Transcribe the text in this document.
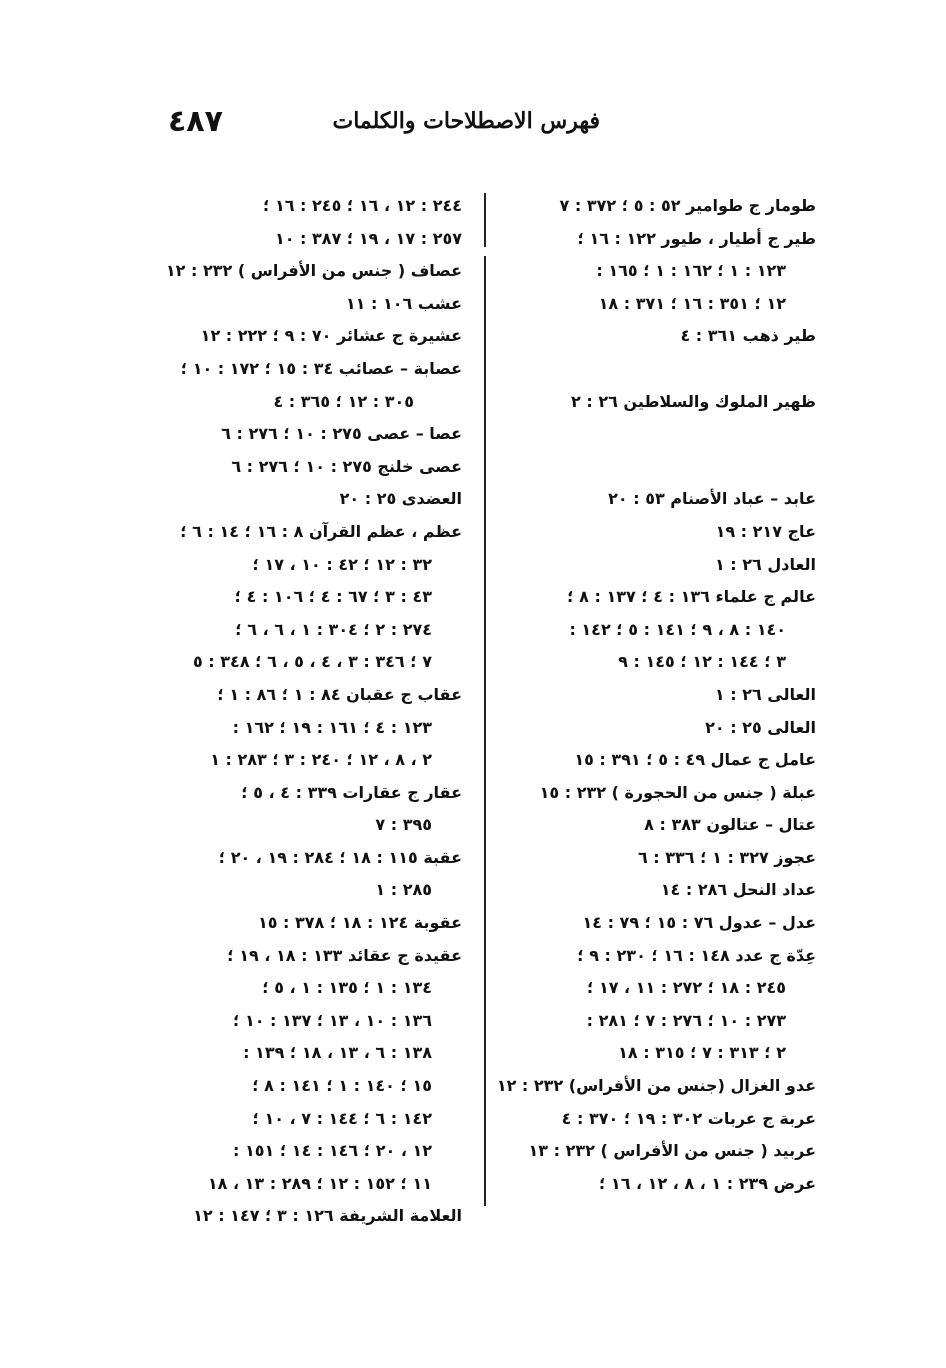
٤٨٧	فهرس الاصطلاحات والكلمات
طومار ج طوامير ٥٢ : ٥ ؛ ٣٧٢ : ٧
طير ج أطيار ، طيور ١٢٢ : ١٦ ؛
١٢٣ : ١ ؛ ١٦٢ : ١ ؛ ١٦٥ :
١٢ ؛ ٣٥١ : ١٦ ؛ ٣٧١ : ١٨
طير ذهب ٣٦١ : ٤
ظهير الملوك والسلاطين ٢٦ : ٢
عابد – عباد الأصنام ٥٣ : ٢٠
عاج ٢١٧ : ١٩
العادل ٢٦ : ١
عالم ج علماء ١٣٦ : ٤ ؛ ١٣٧ : ٨ ؛
١٤٠ : ٨ ، ٩ ؛ ١٤١ : ٥ ؛ ١٤٢ :
٣ ؛ ١٤٤ : ١٢ ؛ ١٤٥ : ٩
العالى ٢٦ : ١
العالى ٢٥ : ٢٠
عامل ج عمال ٤٩ : ٥ ؛ ٣٩١ : ١٥
عبلة ( جنس من الحجورة ) ٢٣٢ : ١٥
عتال – عتالون ٣٨٣ : ٨
عجوز ٣٢٧ : ١ ؛ ٣٣٦ : ٦
عداد النحل ٢٨٦ : ١٤
عدل – عدول ٧٦ : ١٥ ؛ ٧٩ : ١٤
عِدّة ج عدد ١٤٨ : ١٦ ؛ ٢٣٠ : ٩ ؛
٢٤٥ : ١٨ ؛ ٢٧٢ : ١١ ، ١٧ ؛
٢٧٣ : ١٠ ؛ ٢٧٦ : ٧ ؛ ٢٨١ :
٢ ؛ ٣١٣ : ٧ ؛ ٣١٥ : ١٨
عدو الغزال (جنس من الأفراس) ٢٣٢ : ١٢
عربة ج عربات ٣٠٢ : ١٩ ؛ ٣٧٠ : ٤
عربيد ( جنس من الأفراس ) ٢٣٢ : ١٣
عرض ٢٣٩ : ١ ، ٨ ، ١٢ ، ١٦ ؛
٢٤٤ : ١٢ ، ١٦ ؛ ٢٤٥ : ١٦ ؛
٢٥٧ : ١٧ ، ١٩ ؛ ٣٨٧ : ١٠
عصاف ( جنس من الأفراس ) ٢٣٢ : ١٢
عشب ١٠٦ : ١١
عشيرة ج عشائر ٧٠ : ٩ ؛ ٢٢٢ : ١٢
عصابة – عصائب ٣٤ : ١٥ ؛ ١٧٢ : ١٠ ؛
٣٠٥ : ١٢ ؛ ٣٦٥ : ٤
عصا – عصى ٢٧٥ : ١٠ ؛ ٢٧٦ : ٦
عصى خلنج ٢٧٥ : ١٠ ؛ ٢٧٦ : ٦
العضدى ٢٥ : ٢٠
عظم ، عظم القرآن ٨ : ١٦ ؛ ١٤ : ٦ ؛
٣٢ : ١٢ ؛ ٤٢ : ١٠ ، ١٧ ؛
٤٣ : ٣ ؛ ٦٧ : ٤ ؛ ١٠٦ : ٤ ؛
٢٧٤ : ٢ ؛ ٣٠٤ : ١ ، ٦ ، ٦ ؛
٧ ؛ ٣٤٦ : ٣ ، ٤ ، ٥ ، ٦ ؛ ٣٤٨ : ٥
عقاب ج عقبان ٨٤ : ١ ؛ ٨٦ : ١ ؛
١٢٣ : ٤ ؛ ١٦١ : ١٩ ؛ ١٦٢ :
٢ ، ٨ ، ١٢ ؛ ٢٤٠ : ٣ ؛ ٢٨٣ : ١
عقار ج عقارات ٣٣٩ : ٤ ، ٥ ؛
٣٩٥ : ٧
عقبة ١١٥ : ١٨ ؛ ٢٨٤ : ١٩ ، ٢٠ ؛
٢٨٥ : ١
عقوبة ١٢٤ : ١٨ ؛ ٣٧٨ : ١٥
عقيدة ج عقائد ١٣٣ : ١٨ ، ١٩ ؛
١٣٤ : ١ ؛ ١٣٥ : ١ ، ٥ ؛
١٣٦ : ١٠ ، ١٣ ؛ ١٣٧ : ١٠ ؛
١٣٨ : ٦ ، ١٣ ، ١٨ ؛ ١٣٩ :
١٥ ؛ ١٤٠ : ١ ؛ ١٤١ : ٨ ؛
١٤٢ : ٦ ؛ ١٤٤ : ٧ ، ١٠ ؛
١٢ ، ٢٠ ؛ ١٤٦ : ١٤ ؛ ١٥١ :
١١ ؛ ١٥٢ : ١٢ ؛ ٢٨٩ : ١٣ ، ١٨
العلامة الشريفة ١٢٦ : ٣ ؛ ١٤٧ : ١٢
